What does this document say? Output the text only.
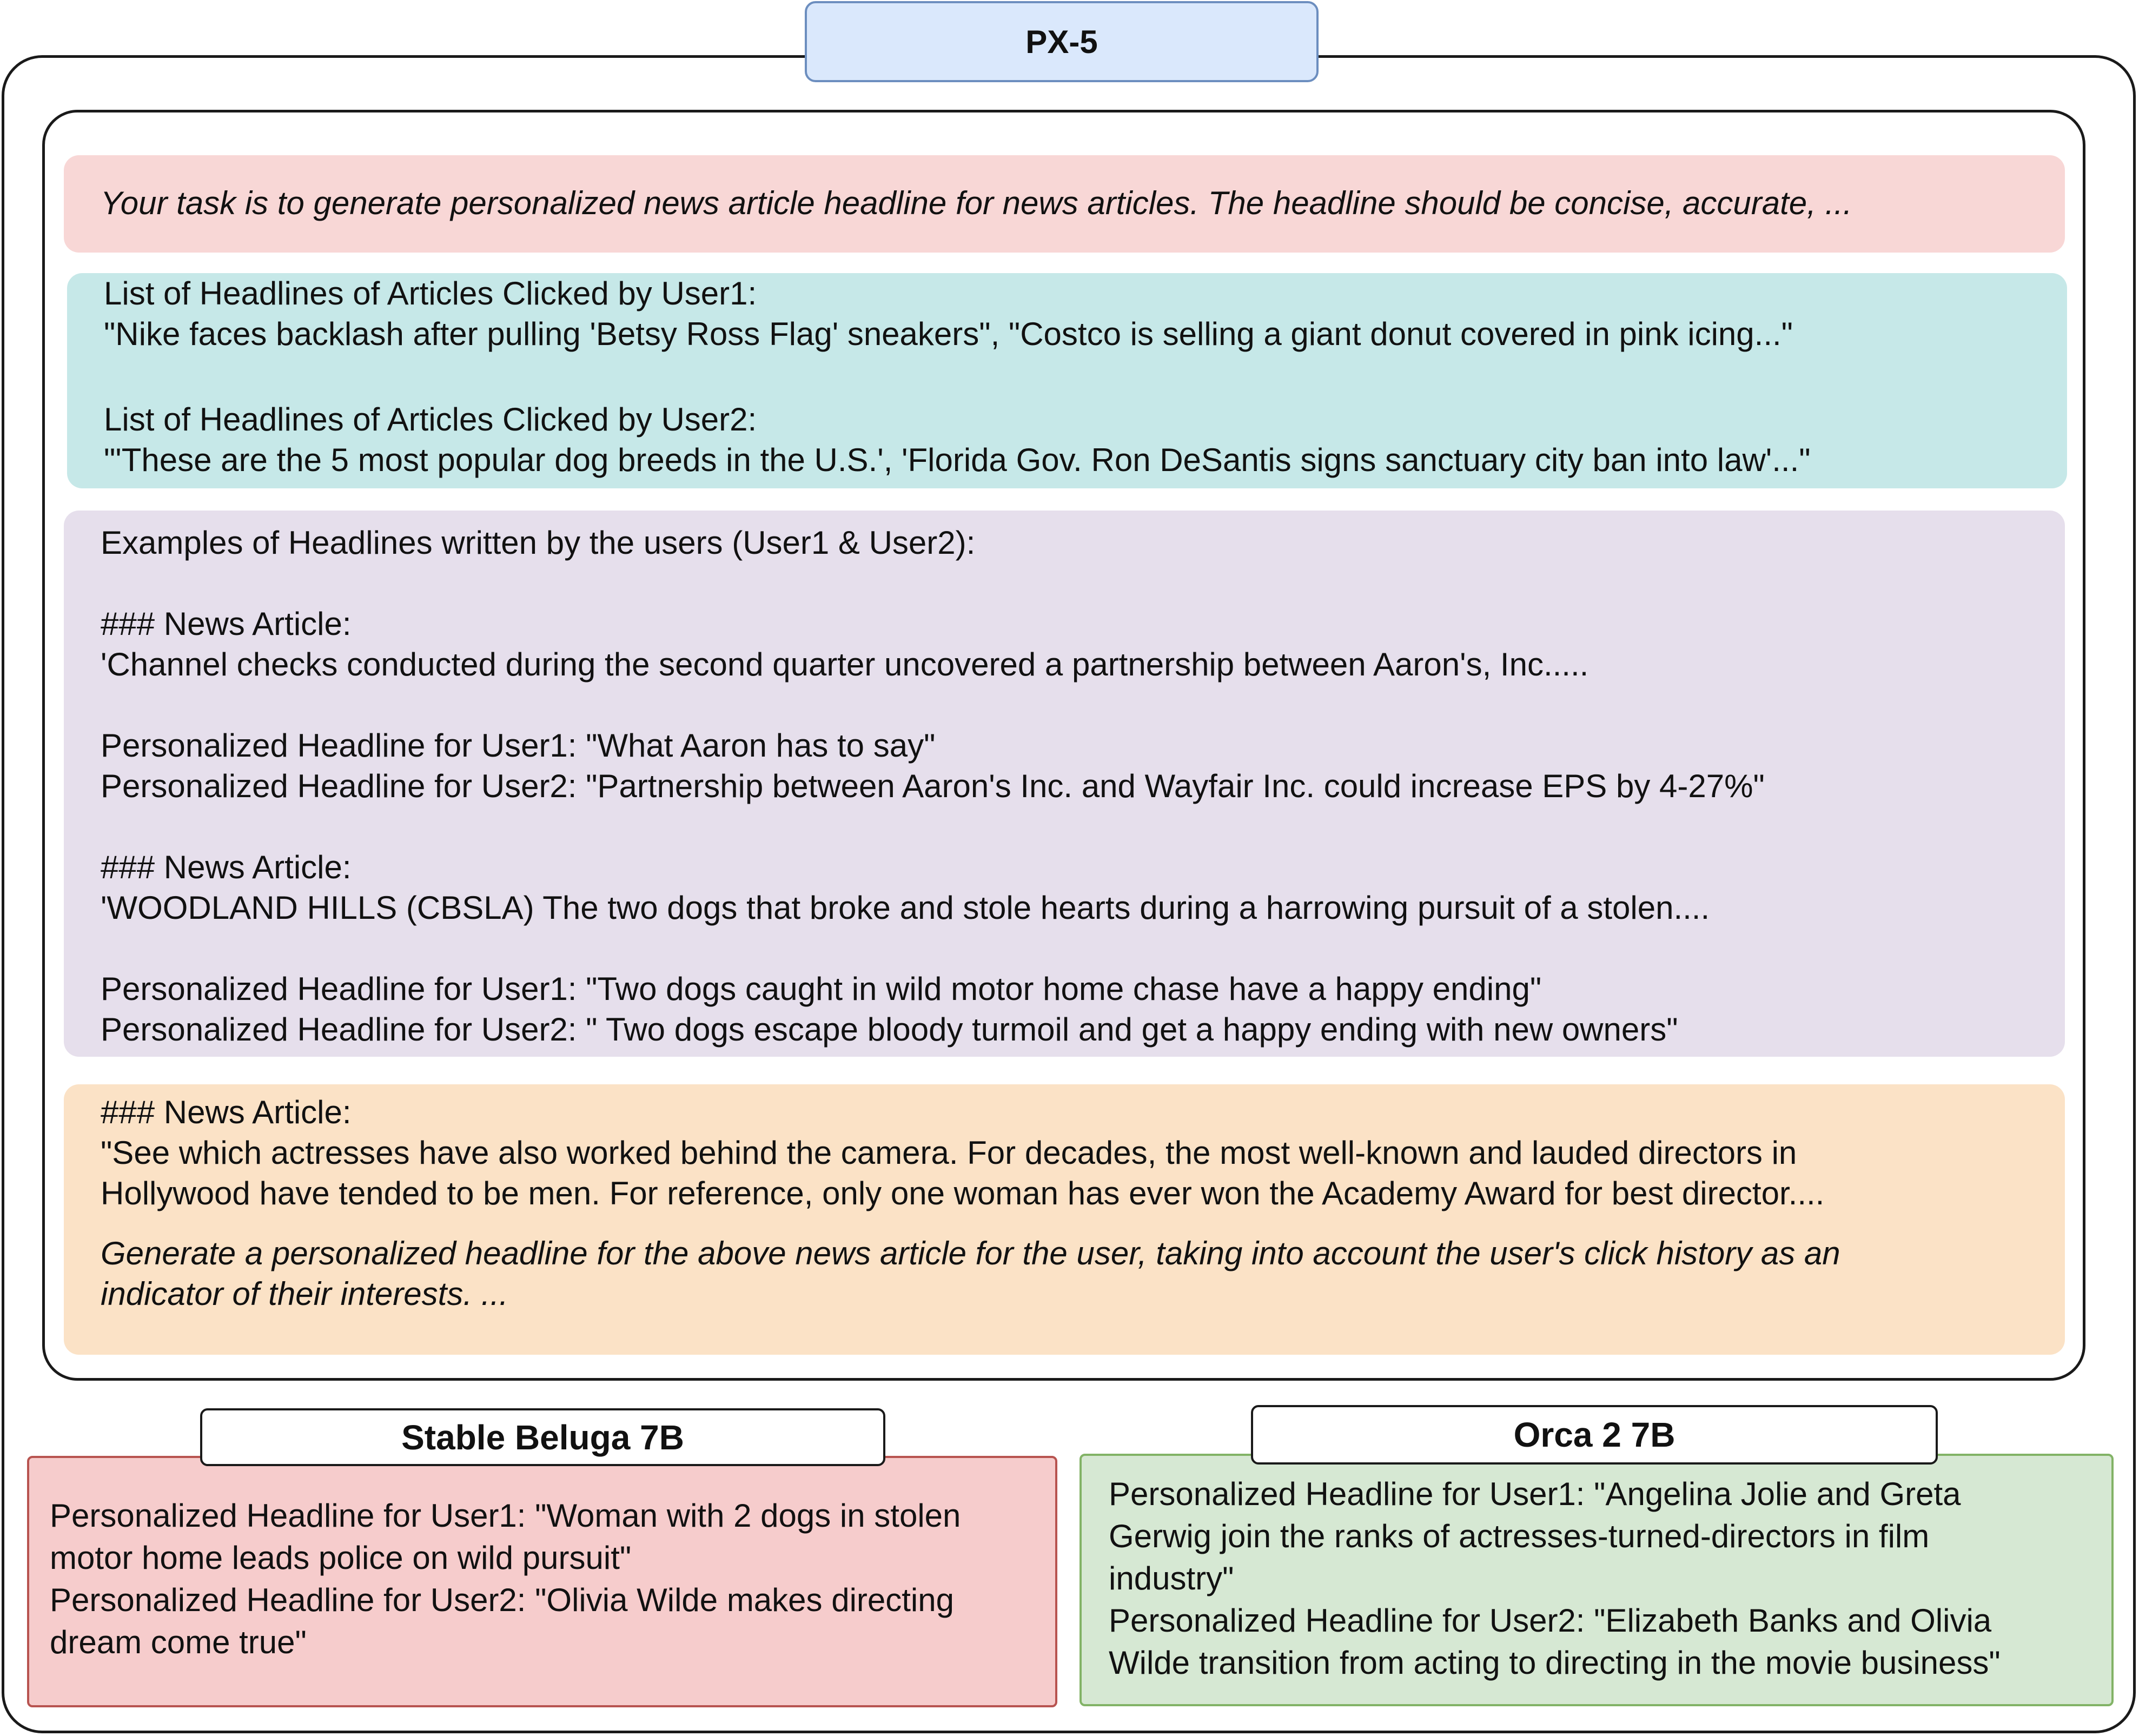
PX-5
Your task is to generate personalized news article headline for news articles. The headline should be concise, accurate, ...
List of Headlines of Articles Clicked by User1:
"Nike faces backlash after pulling 'Betsy Ross Flag' sneakers", "Costco is selling a giant donut covered in pink icing..."
List of Headlines of Articles Clicked by User2:
"'These are the 5 most popular dog breeds in the U.S.', 'Florida Gov. Ron DeSantis signs sanctuary city ban into law'..."
Examples of Headlines written by the users (User1 & User2):
### News Article:
'Channel checks conducted during the second quarter uncovered a partnership between Aaron's, Inc.....
Personalized Headline for User1: "What Aaron has to say"
Personalized Headline for User2: "Partnership between Aaron's Inc. and Wayfair Inc. could increase EPS by 4-27%"
### News Article:
'WOODLAND HILLS (CBSLA) The two dogs that broke and stole hearts during a harrowing pursuit of a stolen....
Personalized Headline for User1: "Two dogs caught in wild motor home chase have a happy ending"
Personalized Headline for User2: " Two dogs escape bloody turmoil and get a happy ending with new owners"
### News Article:
"See which actresses have also worked behind the camera. For decades, the most well-known and lauded directors in
Hollywood have tended to be men. For reference, only one woman has ever won the Academy Award for best director....
Generate a personalized headline for the above news article for the user, taking into account the user's click history as an
indicator of their interests. ...
Personalized Headline for User1: "Woman with 2 dogs in stolen
motor home leads police on wild pursuit"
Personalized Headline for User2: "Olivia Wilde makes directing
dream come true"
Stable Beluga 7B
Personalized Headline for User1: "Angelina Jolie and Greta
Gerwig join the ranks of actresses-turned-directors in film
industry"
Personalized Headline for User2: "Elizabeth Banks and Olivia
Wilde transition from acting to directing in the movie business"
Orca 2 7B
